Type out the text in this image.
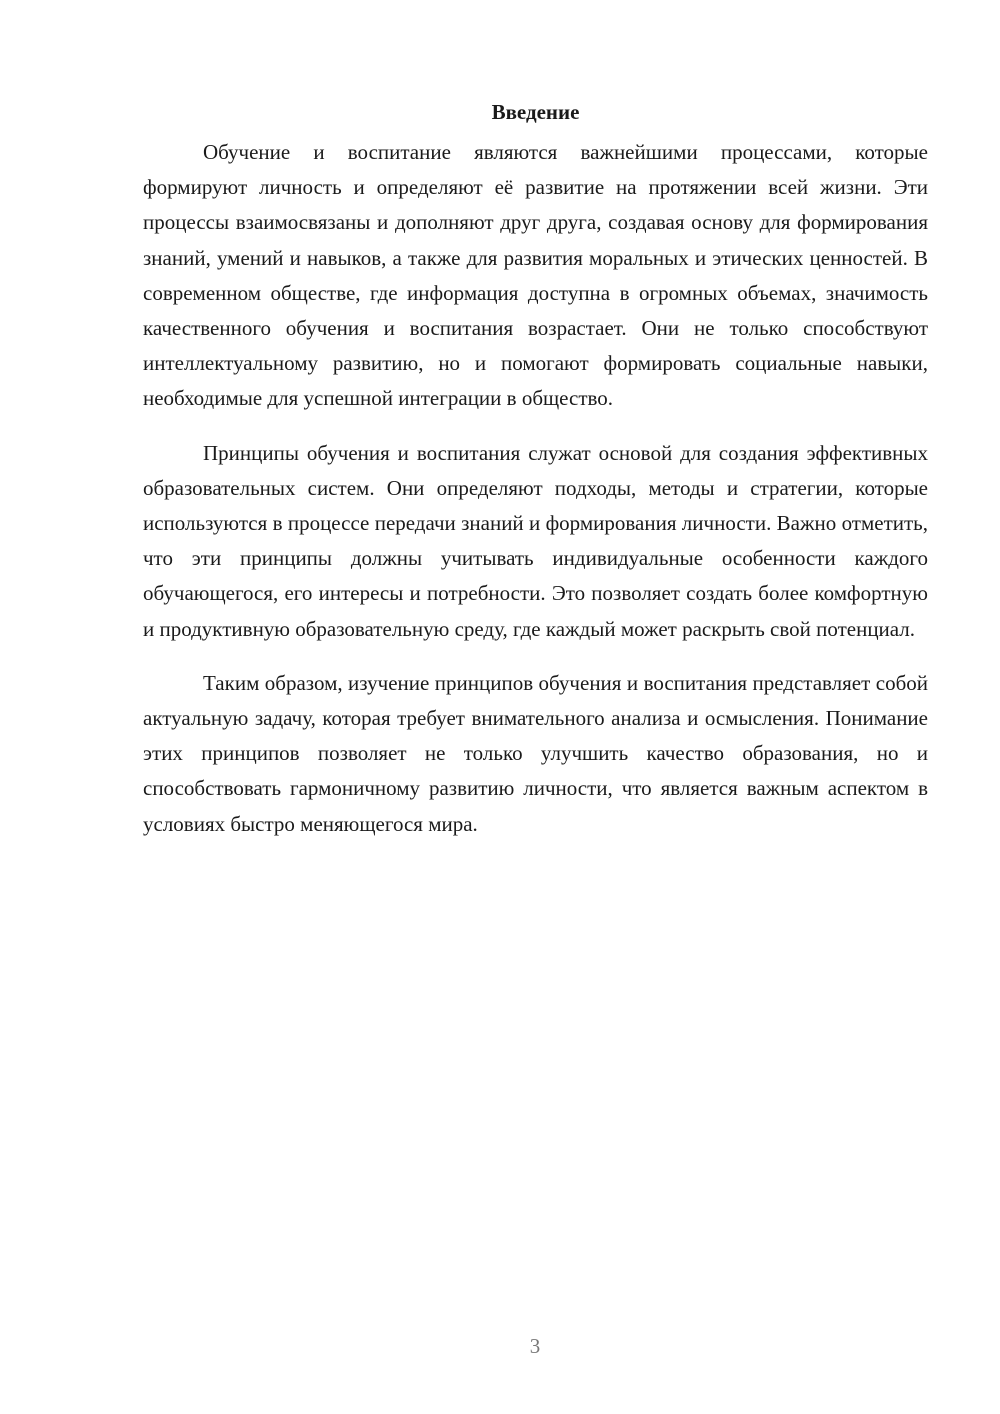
Введение

Обучение и воспитание являются важнейшими процессами, которые формируют личность и определяют её развитие на протяжении всей жизни. Эти процессы взаимосвязаны и дополняют друг друга, создавая основу для формирования знаний, умений и навыков, а также для развития моральных и этических ценностей. В современном обществе, где информация доступна в огромных объемах, значимость качественного обучения и воспитания возрастает. Они не только способствуют интеллектуальному развитию, но и помогают формировать социальные навыки, необходимые для успешной интеграции в общество.

Принципы обучения и воспитания служат основой для создания эффективных образовательных систем. Они определяют подходы, методы и стратегии, которые используются в процессе передачи знаний и формирования личности. Важно отметить, что эти принципы должны учитывать индивидуальные особенности каждого обучающегося, его интересы и потребности. Это позволяет создать более комфортную и продуктивную образовательную среду, где каждый может раскрыть свой потенциал.

Таким образом, изучение принципов обучения и воспитания представляет собой актуальную задачу, которая требует внимательного анализа и осмысления. Понимание этих принципов позволяет не только улучшить качество образования, но и способствовать гармоничному развитию личности, что является важным аспектом в условиях быстро меняющегося мира.

3
